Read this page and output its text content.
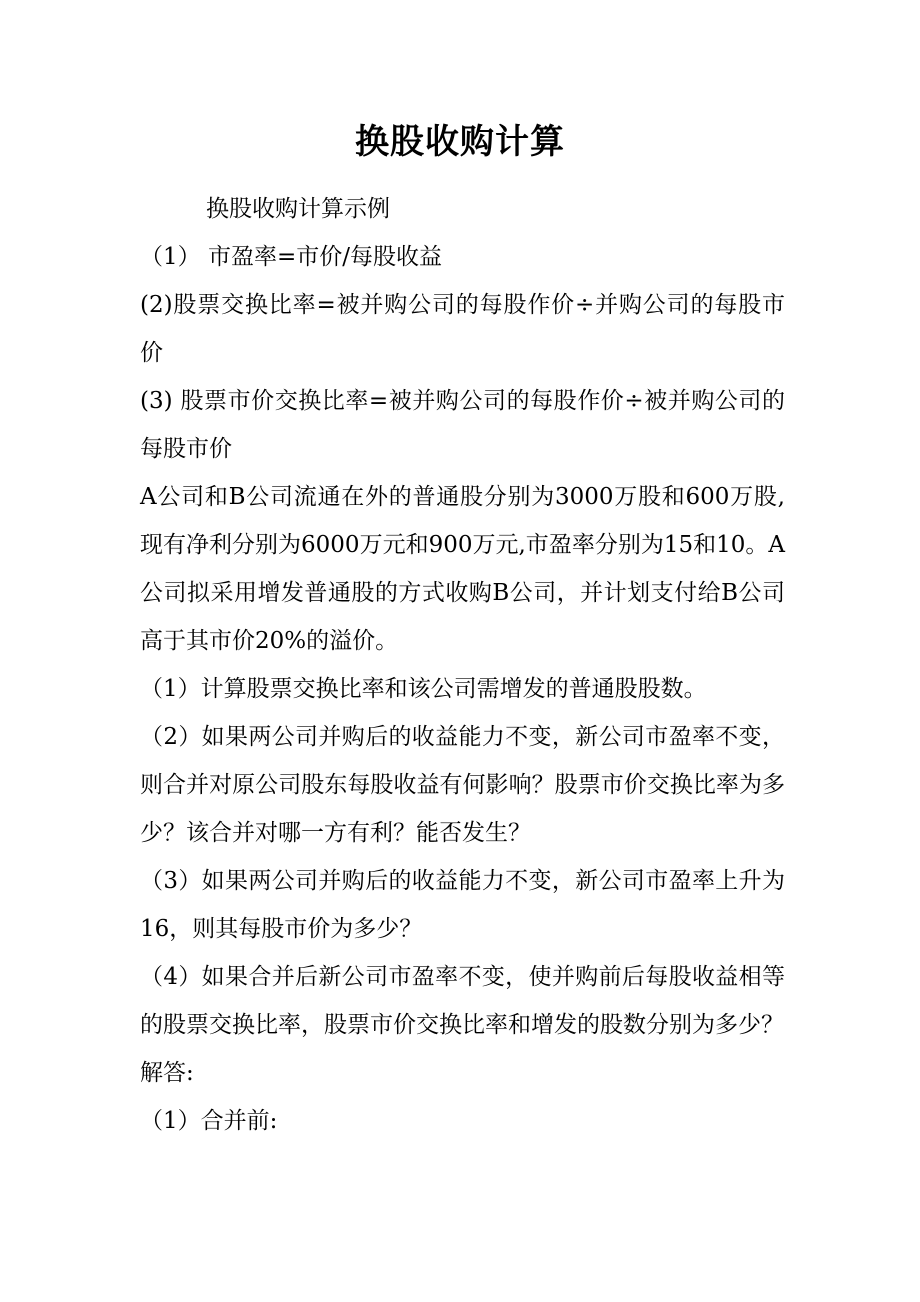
换股收购计算

换股收购计算示例

（1） 市盈率=市价/每股收益

(2)股票交换比率=被并购公司的每股作价÷并购公司的每股市价

(3) 股票市价交换比率=被并购公司的每股作价÷被并购公司的每股市价

A公司和B公司流通在外的普通股分别为3000万股和600万股,现有净利分别为6000万元和900万元,市盈率分别为15和10。A 公司拟采用增发普通股的方式收购B公司，并计划支付给B公司高于其市价20%的溢价。

（1）计算股票交换比率和该公司需增发的普通股股数。

（2）如果两公司并购后的收益能力不变，新公司市盈率不变，则合并对原公司股东每股收益有何影响？股票市价交换比率为多少？该合并对哪一方有利？能否发生？

（3）如果两公司并购后的收益能力不变，新公司市盈率上升为16，则其每股市价为多少？

（4）如果合并后新公司市盈率不变，使并购前后每股收益相等的股票交换比率，股票市价交换比率和增发的股数分别为多少？

解答:

（1）合并前:
